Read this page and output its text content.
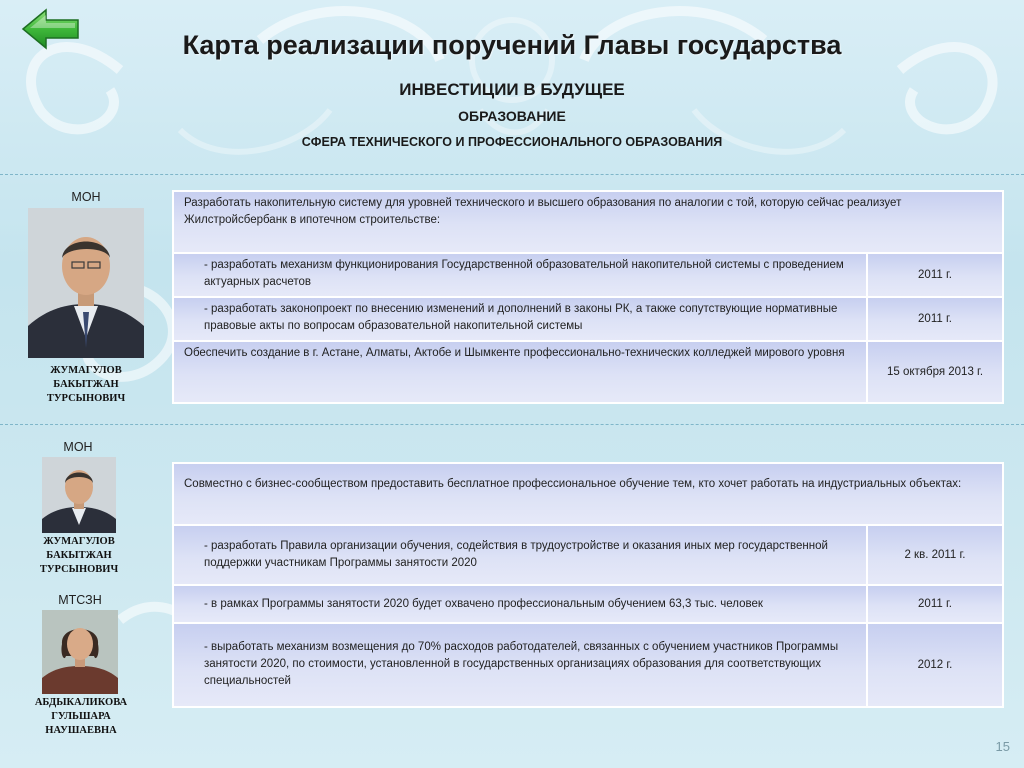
Карта реализации поручений Главы государства
ИНВЕСТИЦИИ В БУДУЩЕЕ
ОБРАЗОВАНИЕ
СФЕРА ТЕХНИЧЕСКОГО И ПРОФЕССИОНАЛЬНОГО ОБРАЗОВАНИЯ
МОН
ЖУМАГУЛОВ
БАКЫТЖАН
ТУРСЫНОВИЧ
Разработать накопительную систему для уровней технического и высшего образования по аналогии с той, которую сейчас реализует Жилстройсбербанк в ипотечном строительстве:
- разработать механизм функционирования Государственной образовательной накопительной системы с проведением актуарных расчетов
2011 г.
- разработать законопроект по внесению изменений и дополнений в законы РК, а также сопутствующие нормативные правовые акты по вопросам образовательной накопительной системы
2011 г.
Обеспечить создание в г. Астане, Алматы, Актобе и Шымкенте профессионально-технических колледжей мирового уровня
15 октября 2013 г.
МОН
ЖУМАГУЛОВ
БАКЫТЖАН
ТУРСЫНОВИЧ
МТСЗН
АБДЫКАЛИКОВА
ГУЛЬШАРА
НАУШАЕВНА
Совместно с бизнес-сообществом предоставить бесплатное профессиональное обучение тем, кто хочет работать на индустриальных объектах:
- разработать Правила организации обучения, содействия в трудоустройстве и оказания иных мер государственной поддержки участникам Программы занятости 2020
2 кв. 2011 г.
- в рамках Программы занятости 2020 будет охвачено профессиональным обучением 63,3 тыс. человек	2011 г.
- выработать механизм возмещения до 70% расходов работодателей, связанных с обучением участников Программы занятости 2020, по стоимости, установленной в государственных организациях образования для соответствующих специальностей
2012 г.
15
